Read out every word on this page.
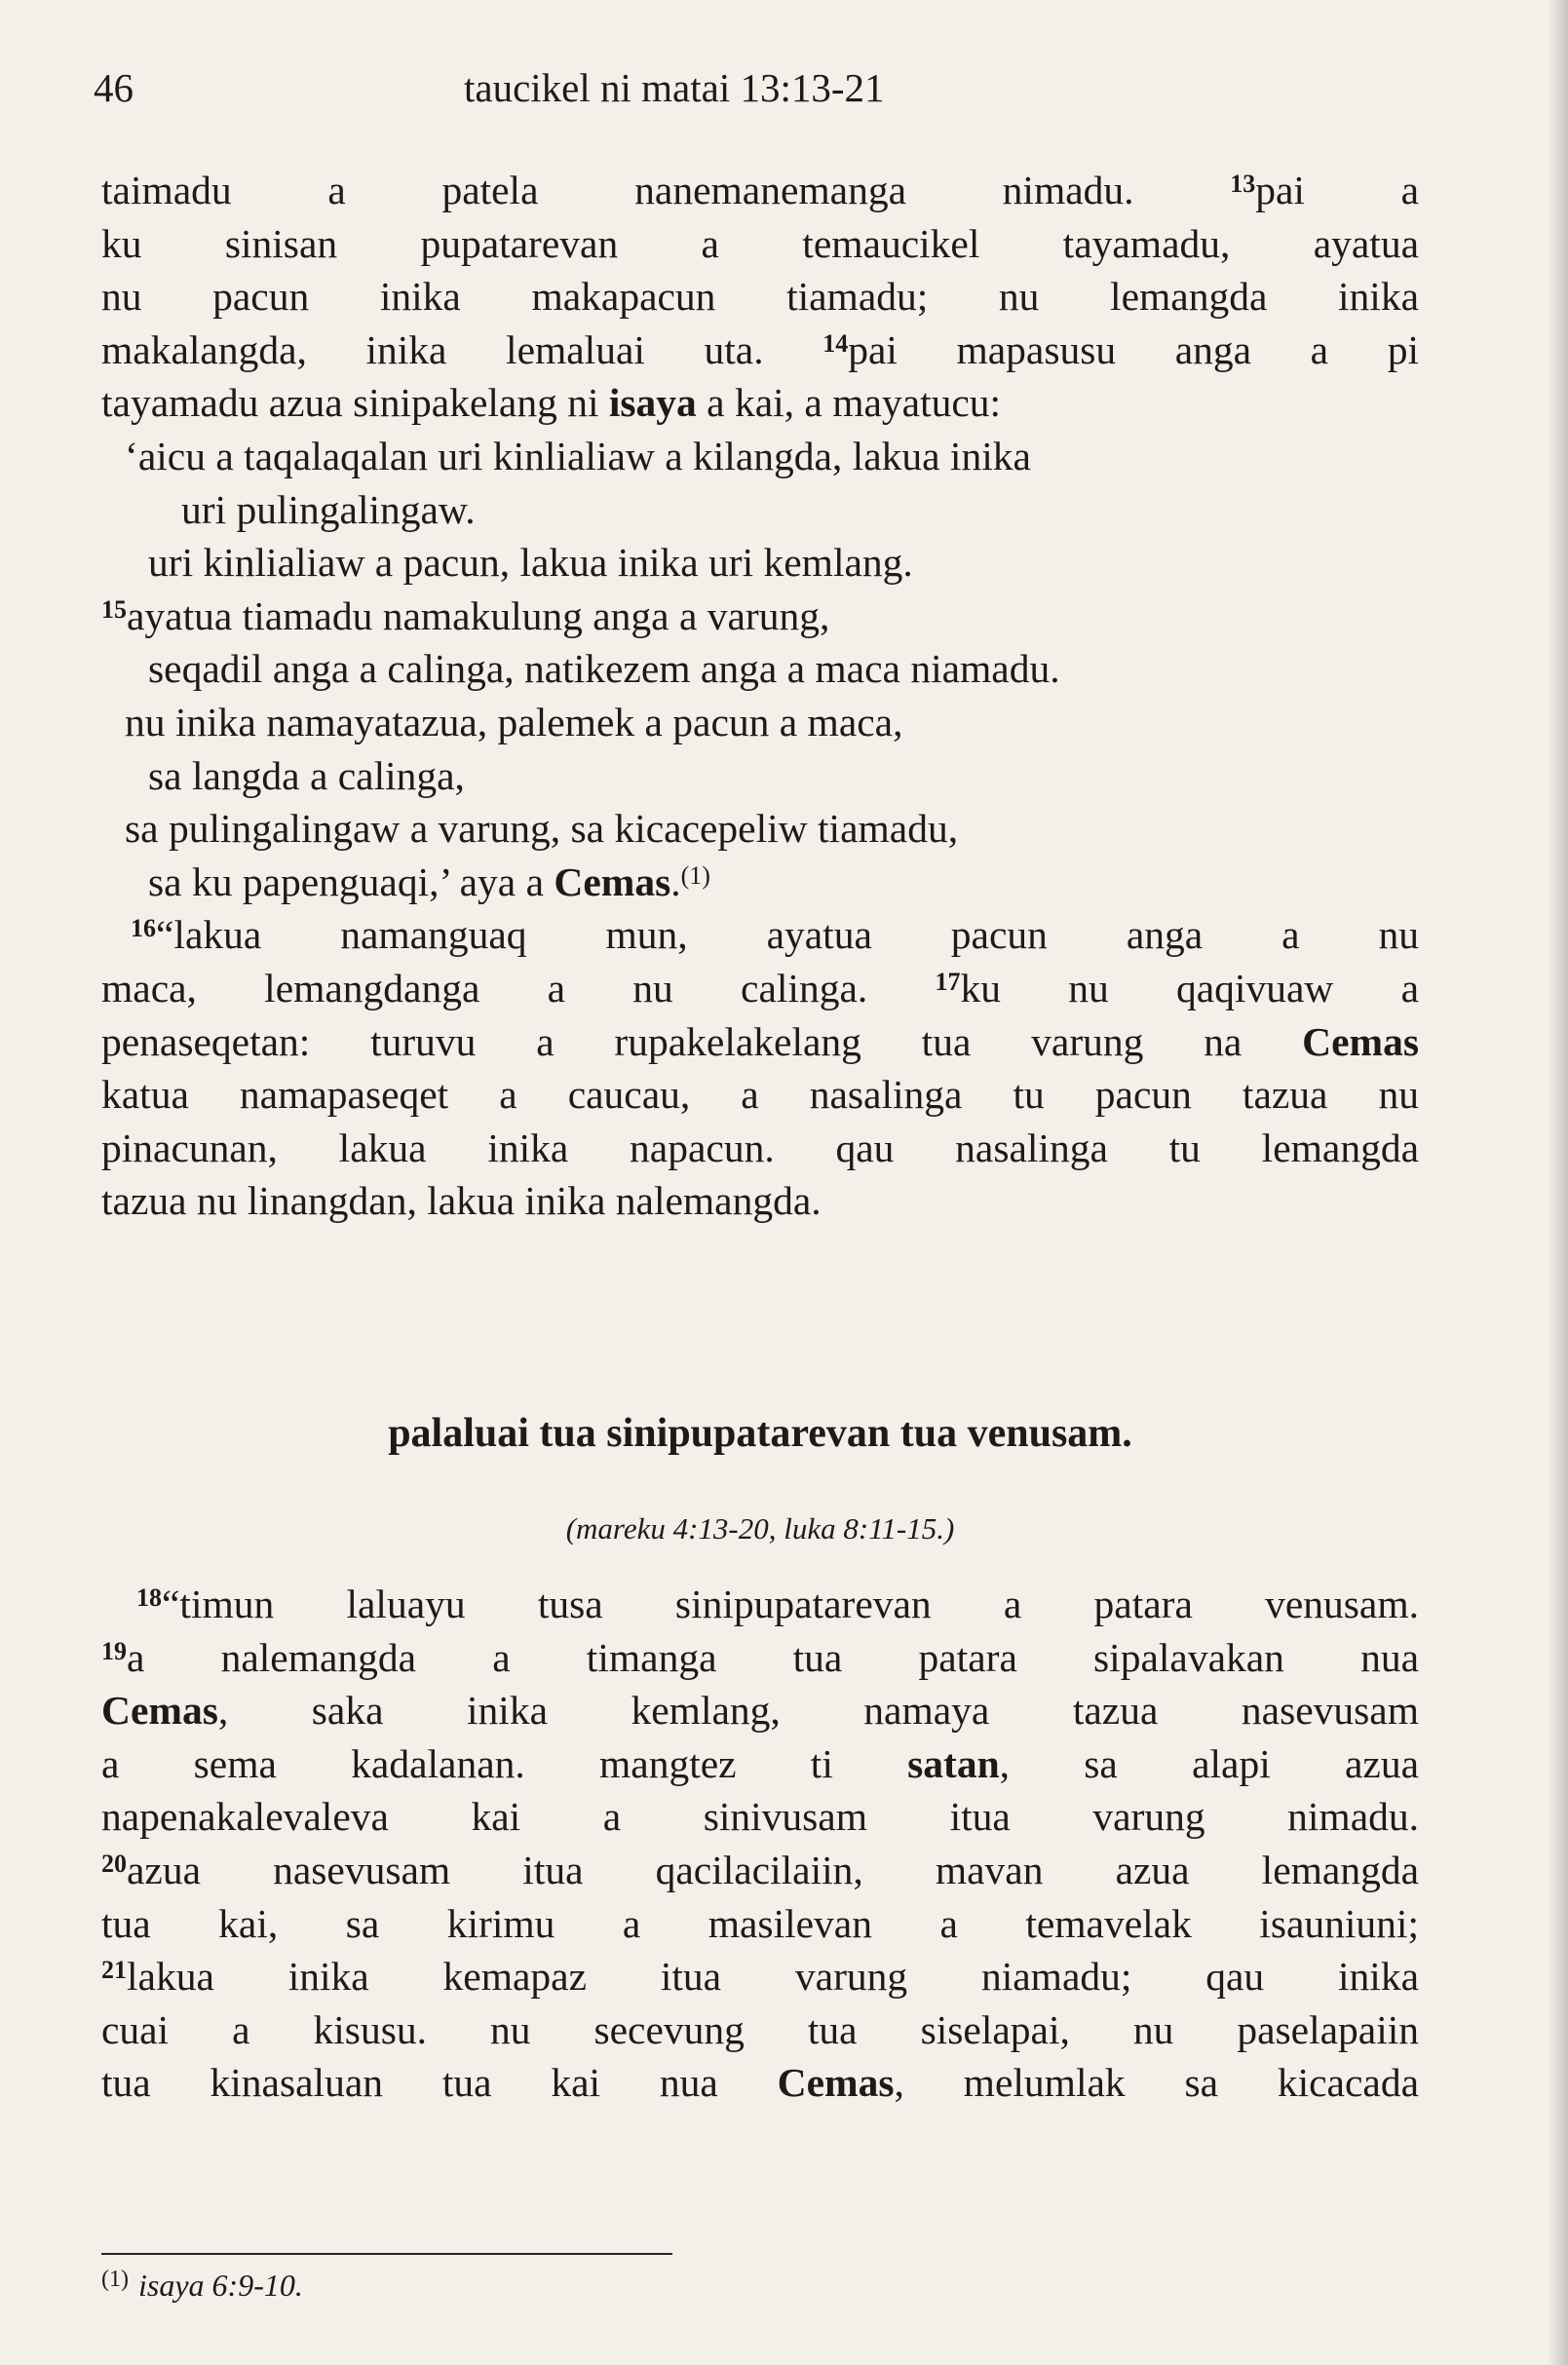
46	taucikel ni matai 13:13-21
taimadu a patela nanemanemanga nimadu. $^{13}$pai a
ku sinisan pupatarevan a temaucikel tayamadu, ayatua
nu pacun inika makapacun tiamadu; nu lemangda inika
makalangda, inika lemaluai uta. $^{14}$pai mapasusu anga a pi
tayamadu azua sinipakelang ni isaya a kai, a mayatucu:
‘aicu a taqalaqalan uri kinlialiaw a kilangda, lakua inika
uri pulingalingaw.
uri kinlialiaw a pacun, lakua inika uri kemlang.
$^{15}$ayatua tiamadu namakulung anga a varung,
seqadil anga a calinga, natikezem anga a maca niamadu.
nu inika namayatazua, palemek a pacun a maca,
sa langda a calinga,
sa pulingalingaw a varung, sa kicacepeliw tiamadu,
sa ku papenguaqi,’ aya a Cemas.$^{(1)}$
$^{16}$“lakua namanguaq mun, ayatua pacun anga a nu
maca, lemangdanga a nu calinga. $^{17}$ku nu qaqivuaw a
penaseqetan: turuvu a rupakelakelang tua varung na Cemas
katua namapaseqet a caucau, a nasalinga tu pacun tazua nu
pinacunan, lakua inika napacun. qau nasalinga tu lemangda
tazua nu linangdan, lakua inika nalemangda.
palaluai tua sinipupatarevan tua venusam.
(mareku 4:13-20, luka 8:11-15.)
$^{18}$“timun laluayu tusa sinipupatarevan a patara venusam.
$^{19}$a nalemangda a timanga tua patara sipalavakan nua
Cemas, saka inika kemlang, namaya tazua nasevusam
a sema kadalanan. mangtez ti satan, sa alapi azua
napenakalevaleva kai a sinivusam itua varung nimadu.
$^{20}$azua nasevusam itua qacilacilaiin, mavan azua lemangda
tua kai, sa kirimu a masilevan a temavelak isauniuni;
$^{21}$lakua inika kemapaz itua varung niamadu; qau inika
cuai a kisusu. nu secevung tua siselapai, nu paselapaiin
tua kinasaluan tua kai nua Cemas, melumlak sa kicacada
$^{(1)}$ isaya 6:9-10.
